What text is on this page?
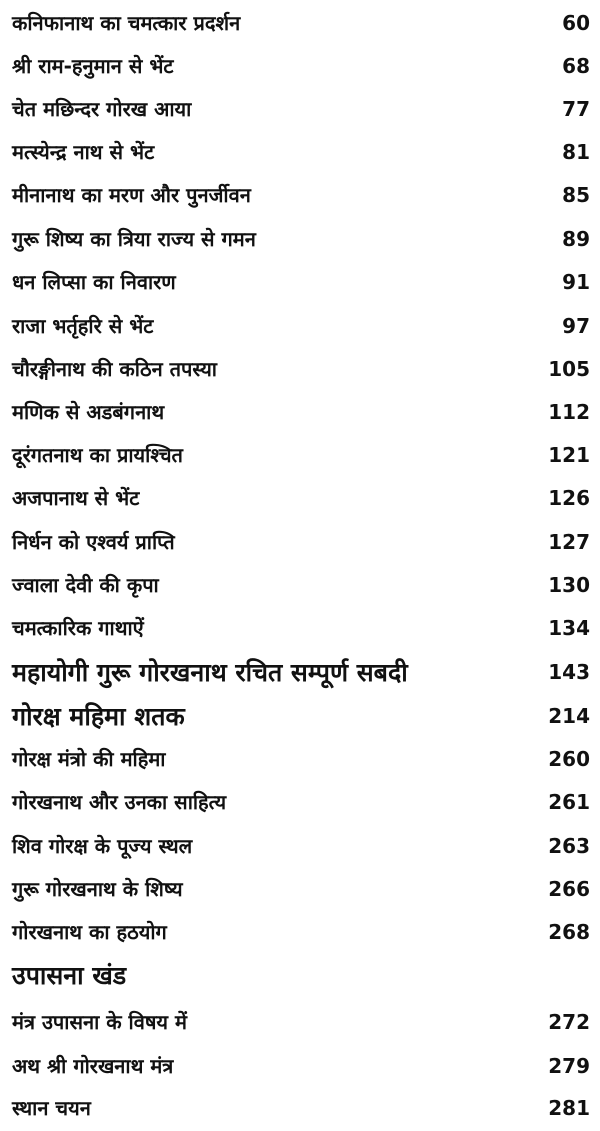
कनिफानाथ का चमत्कार प्रदर्शन	60
श्री राम-हनुमान से भेंट	68
चेत मछिन्दर गोरख आया	77
मत्स्येन्द्र नाथ से भेंट	81
मीनानाथ का मरण और पुनर्जीवन	85
गुरू शिष्य का त्रिया राज्य से गमन	89
धन लिप्सा का निवारण	91
राजा भर्तृहरि से भेंट	97
चौरङ्गीनाथ की कठिन तपस्या	105
मणिक से अडबंगनाथ	112
दूरंगतनाथ का प्रायश्चित	121
अजपानाथ से भेंट	126
निर्धन को एश्वर्य प्राप्ति	127
ज्वाला देवी की कृपा	130
चमत्कारिक गाथाऐं	134
महायोगी गुरू गोरखनाथ रचित सम्पूर्ण सबदी	143
गोरक्ष महिमा शतक	214
गोरक्ष मंत्रो की महिमा	260
गोरखनाथ और उनका साहित्य	261
शिव गोरक्ष के पूज्य स्थल	263
गुरू गोरखनाथ के शिष्य	266
गोरखनाथ का हठयोग	268
उपासना खंड
मंत्र उपासना के विषय में	272
अथ श्री गोरखनाथ मंत्र	279
स्थान चयन	281
